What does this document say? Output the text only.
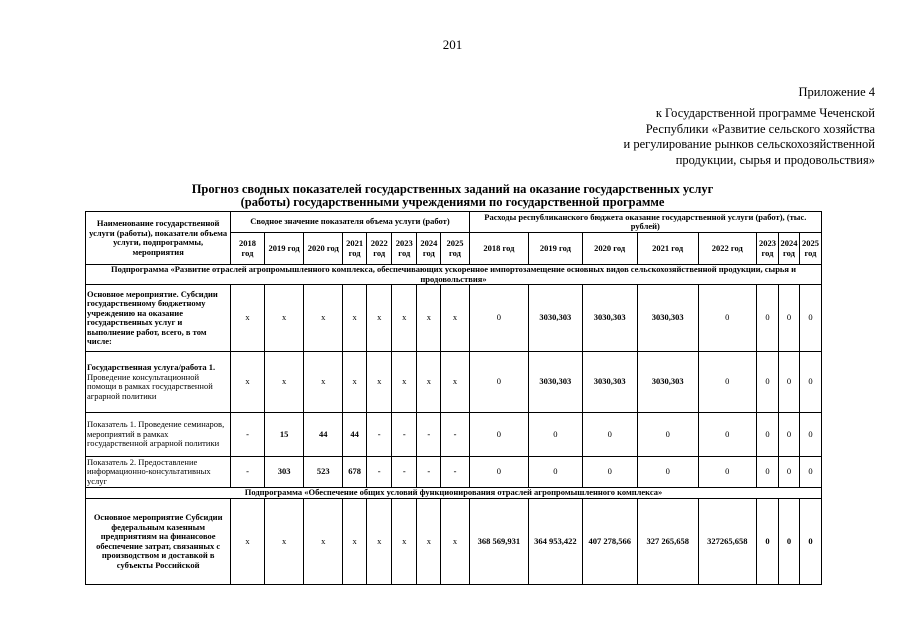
201
Приложение 4
к Государственной программе Чеченской
Республики «Развитие сельского хозяйства
и регулирование рынков сельскохозяйственной
продукции, сырья и продовольствия»
Прогноз сводных показателей государственных заданий на оказание государственных услуг
(работы) государственными учреждениями по государственной программе
Наименование государственной услуги (работы), показатели объема услуги, подпрограммы, мероприятия	Сводное значение показателя объема услуги (работ)								Расходы республиканского бюджета оказание государственной услуги (работ), (тыс. рублей)							
	2018 год	2019 год	2020 год	2021 год	2022 год	2023 год	2024 год	2025 год	2018 год	2019 год	2020 год	2021 год	2022 год	2023 год	2024 год	2025 год
Подпрограмма «Развитие отраслей агропромышленного комплекса, обеспечивающих ускоренное импортозамещение основных видов сельскохозяйственной продукции, сырья и продовольствия»																
Основное мероприятие. Субсидии государственному бюджетному учреждению на оказание государственных услуг и выполнение работ, всего, в том числе:	x	x	x	x	x	x	x	x	0	3030,303	3030,303	3030,303	0	0	0	0
Государственная услуга/работа 1. Проведение консультационной помощи в рамках государственной аграрной политики	x	x	x	x	x	x	x	x	0	3030,303	3030,303	3030,303	0	0	0	0
Показатель 1. Проведение семинаров, мероприятий в рамках государственной аграрной политики	-	15	44	44	-	-	-	-	0	0	0	0	0	0	0	0
Показатель 2. Предоставление информационно-консультативных услуг	-	303	523	678	-	-	-	-	0	0	0	0	0	0	0	0
Подпрограмма «Обеспечение общих условий функционирования отраслей агропромышленного комплекса»																
Основное мероприятие Субсидии федеральным казенным предприятиям на финансовое обеспечение затрат, связанных с производством и доставкой в субъекты Российской	x	x	x	x	x	x	x	x	368 569,931	364 953,422	407 278,566	327 265,658	327265,658	0	0	0
